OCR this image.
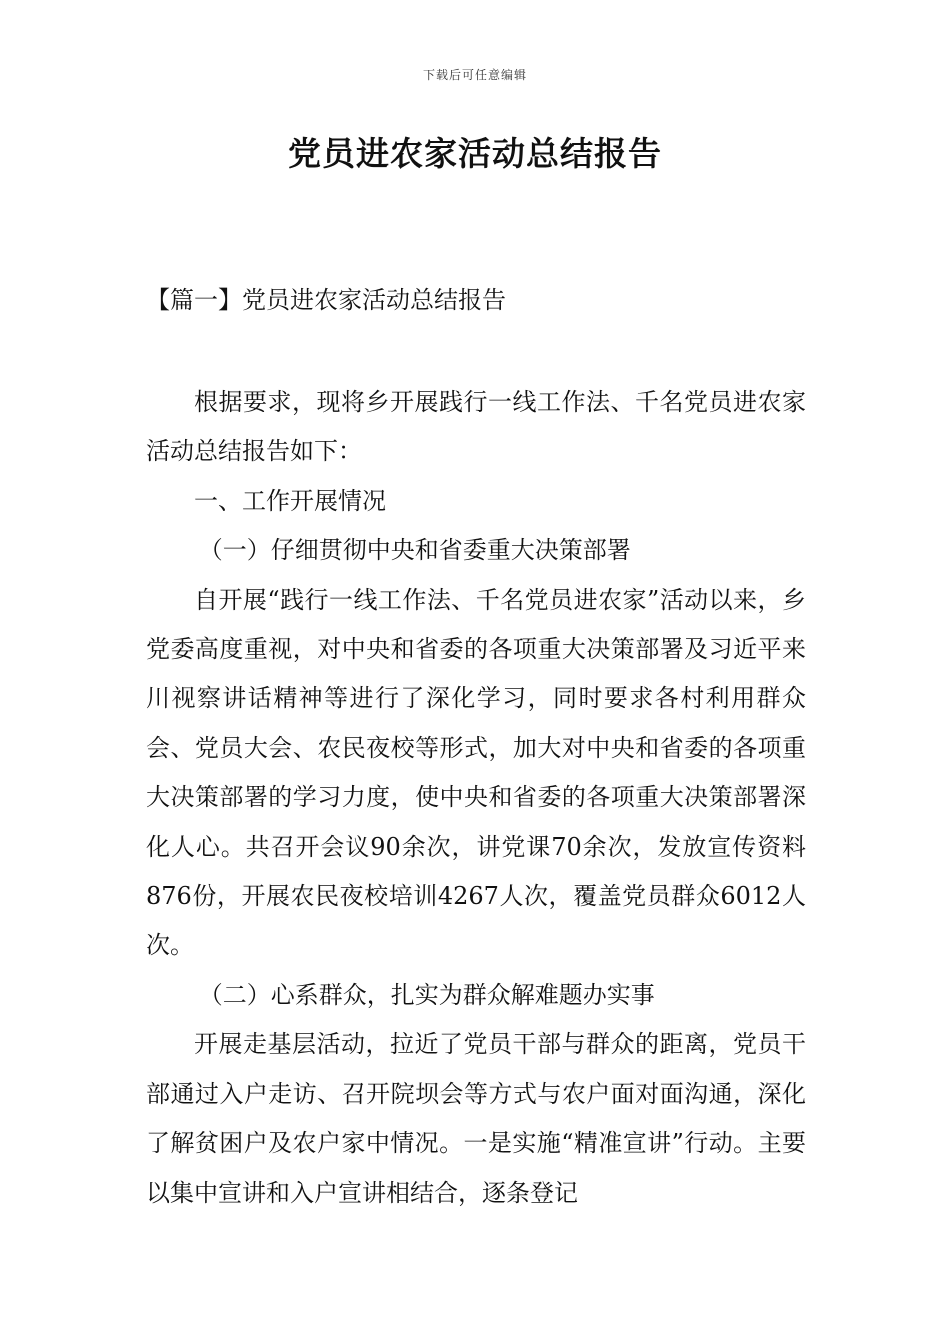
下载后可任意编辑
党员进农家活动总结报告
【篇一】党员进农家活动总结报告

根据要求，现将乡开展践行一线工作法、千名党员进农家活动总结报告如下：

一、工作开展情况

（一）仔细贯彻中央和省委重大决策部署

自开展“践行一线工作法、千名党员进农家”活动以来，乡党委高度重视，对中央和省委的各项重大决策部署及习近平来川视察讲话精神等进行了深化学习，同时要求各村利用群众会、党员大会、农民夜校等形式，加大对中央和省委的各项重大决策部署的学习力度，使中央和省委的各项重大决策部署深化人心。共召开会议90余次，讲党课70余次，发放宣传资料876份，开展农民夜校培训4267人次，覆盖党员群众6012人次。

（二）心系群众，扎实为群众解难题办实事

开展走基层活动，拉近了党员干部与群众的距离，党员干部通过入户走访、召开院坝会等方式与农户面对面沟通，深化了解贫困户及农户家中情况。一是实施“精准宣讲”行动。主要以集中宣讲和入户宣讲相结合，逐条登记
